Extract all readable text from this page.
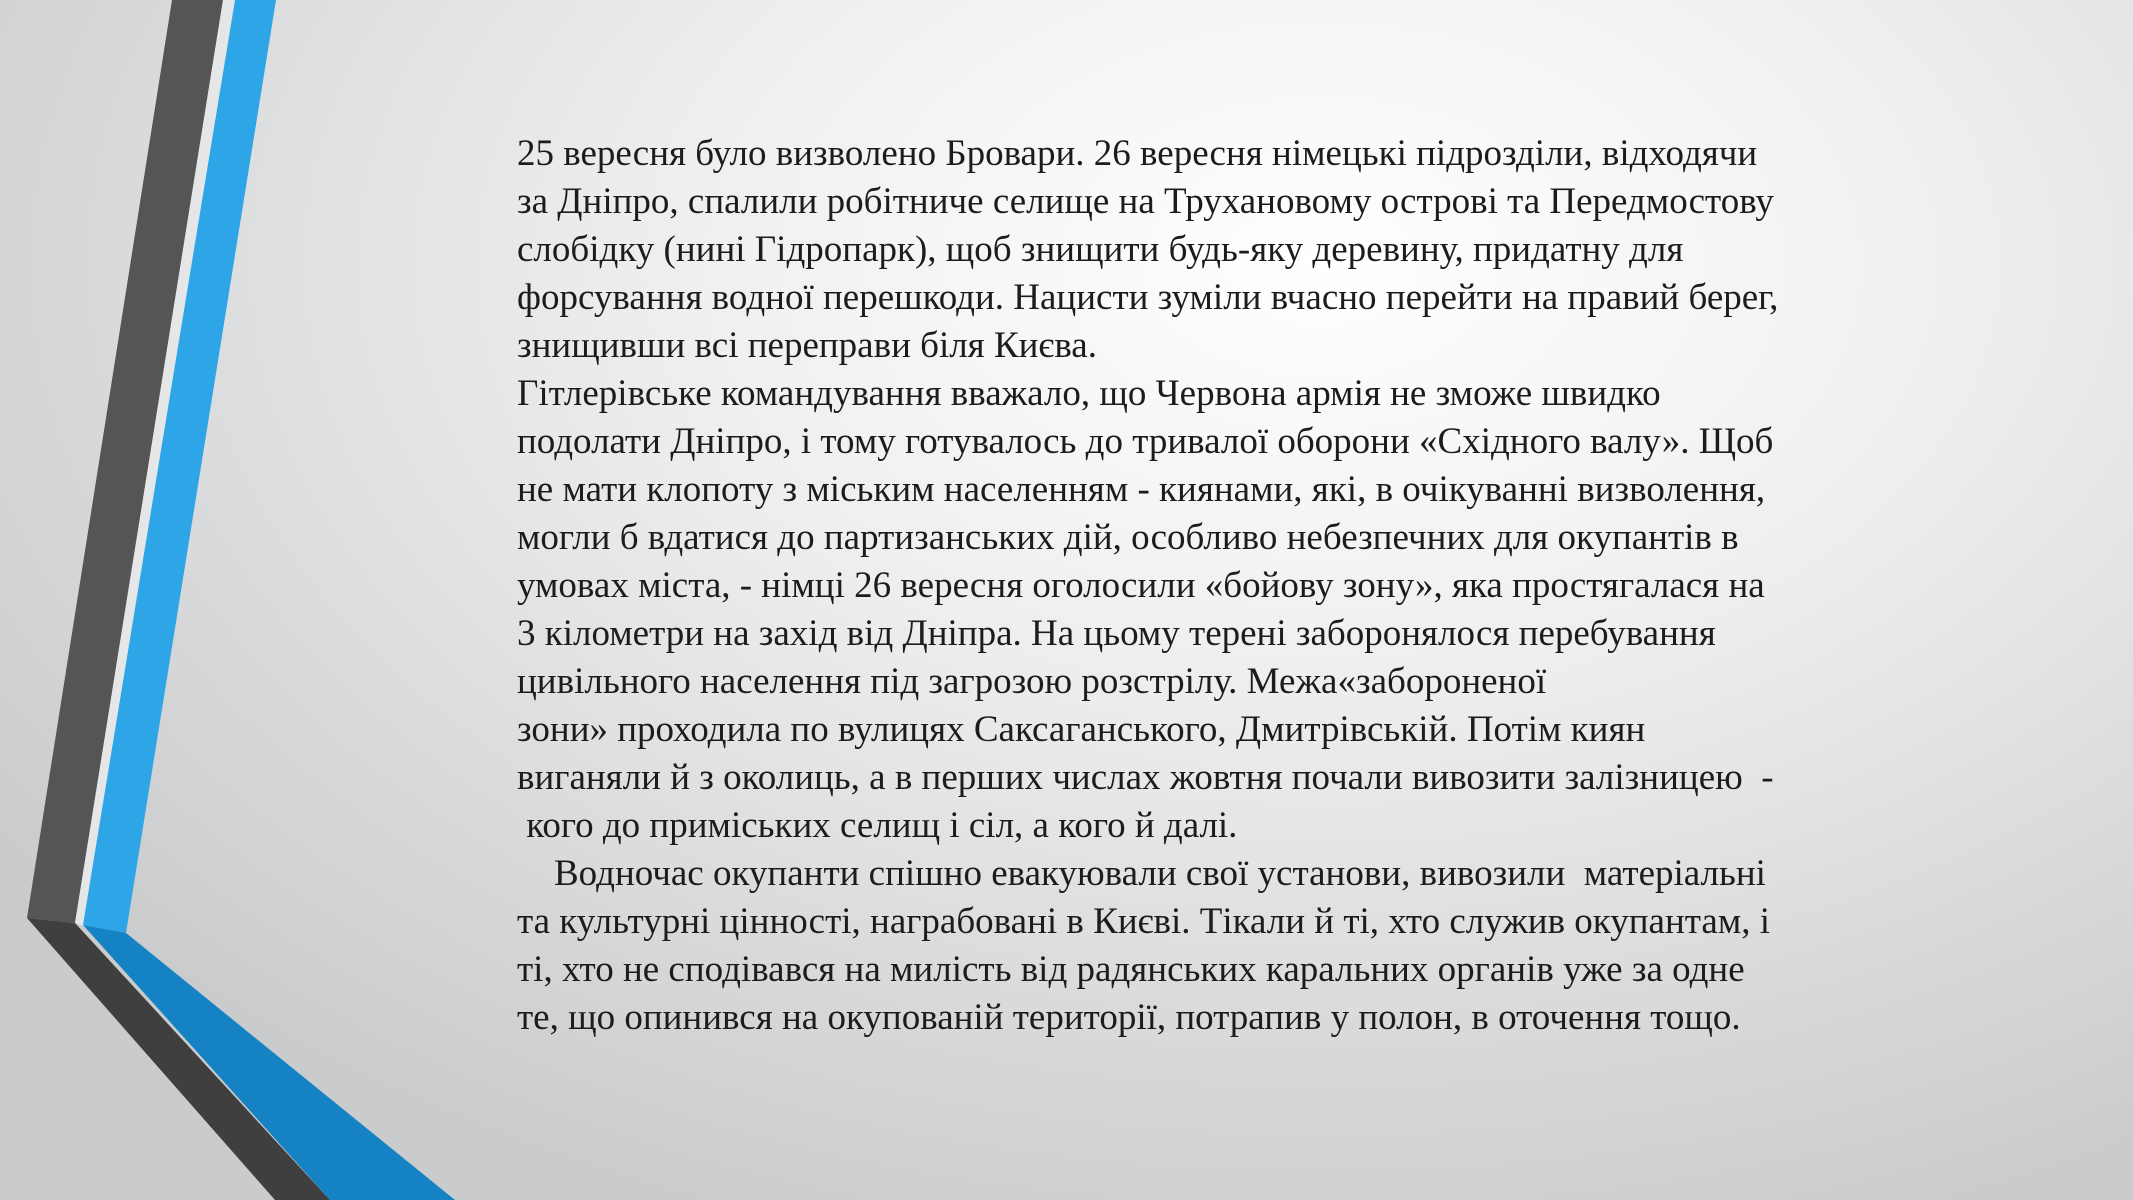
25 вересня було визволено Бровари. 26 вересня німецькі підрозділи, відходячи
за Дніпро, спалили робітниче селище на Трухановому острові та Передмостову
слобідку (нині Гідропарк), щоб знищити будь-яку деревину, придатну для
форсування водної перешкоди. Нацисти зуміли вчасно перейти на правий берег,
знищивши всі переправи біля Києва.
Гітлерівське командування вважало, що Червона армія не зможе швидко
подолати Дніпро, і тому готувалось до тривалої оборони «Східного валу». Щоб
не мати клопоту з міським населенням - киянами, які, в очікуванні визволення,
могли б вдатися до партизанських дій, особливо небезпечних для окупантів в
умовах міста, - німці 26 вересня оголосили «бойову зону», яка простягалася на
3 кілометри на захід від Дніпра. На цьому терені заборонялося перебування
цивільного населення під загрозою розстрілу. Межа«забороненої
зони» проходила по вулицях Саксаганського, Дмитрівській. Потім киян
виганяли й з околиць, а в перших числах жовтня почали вивозити залізницею  -
кого до приміських селищ і сіл, а кого й далі.
Водночас окупанти спішно евакуювали свої установи, вивозили  матеріальні
та культурні цінності, награбовані в Києві. Тікали й ті, хто служив окупантам, і
ті, хто не сподівався на милість від радянських каральних органів уже за одне
те, що опинився на окупованій території, потрапив у полон, в оточення тощо.
